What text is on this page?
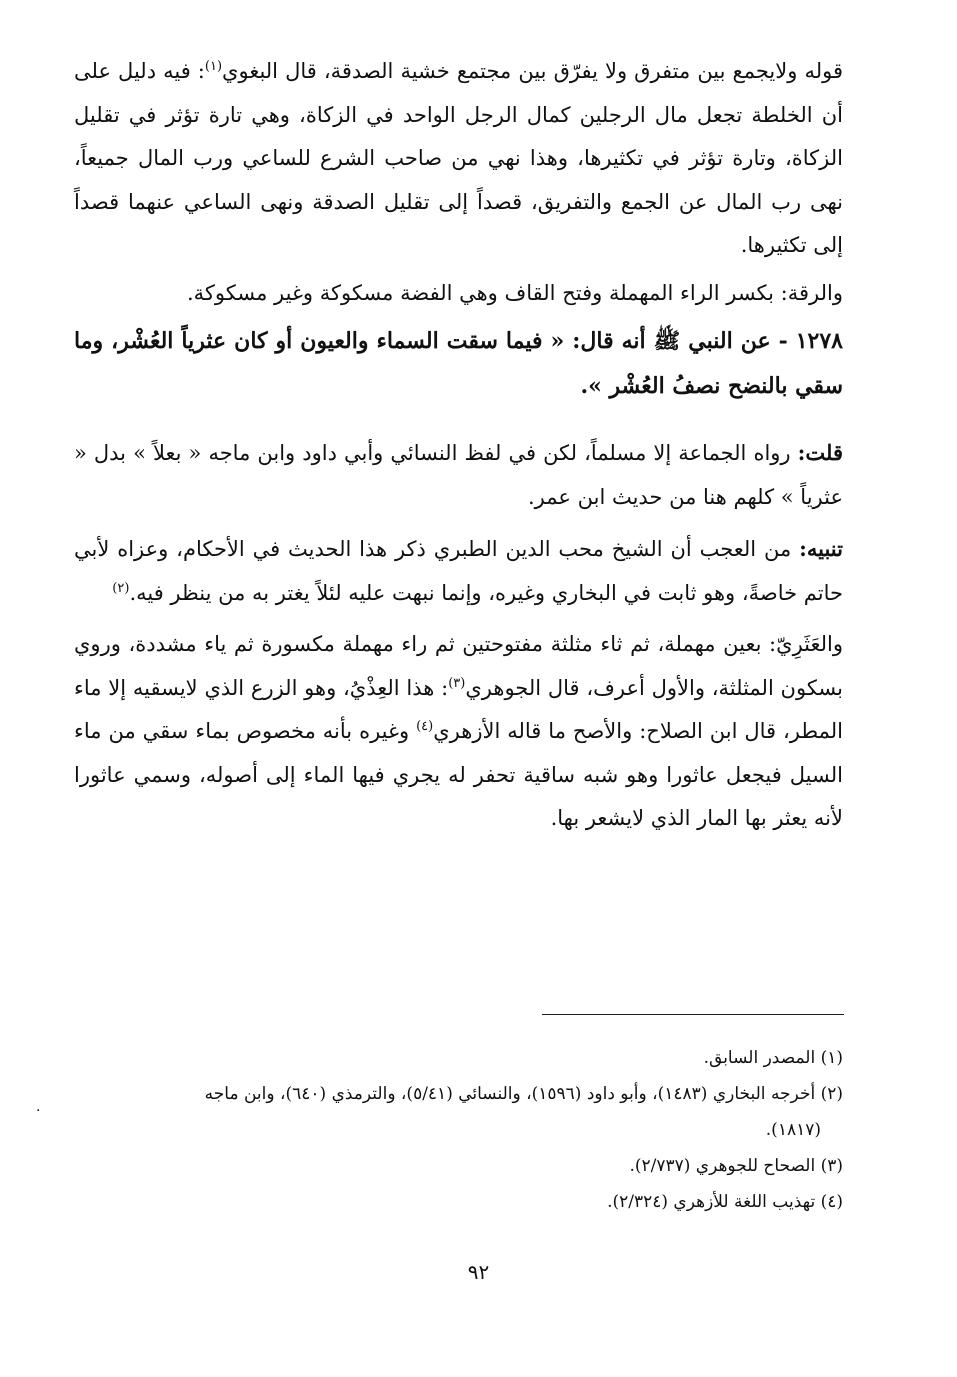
قوله ولايجمع بين متفرق ولا يفرّق بين مجتمع خشية الصدقة، قال البغوي$^{(١)}$: فيه دليل على أن الخلطة تجعل مال الرجلين كمال الرجل الواحد في الزكاة، وهي تارة تؤثر في تقليل الزكاة، وتارة تؤثر في تكثيرها، وهذا نهي من صاحب الشرع للساعي ورب المال جميعاً، نهى رب المال عن الجمع والتفريق، قصداً إلى تقليل الصدقة ونهى الساعي عنهما قصداً إلى تكثيرها.

والرقة: بكسر الراء المهملة وفتح القاف وهي الفضة مسكوكة وغير مسكوكة.

١٢٧٨ - عن النبي ﷺ أنه قال: « فيما سقت السماء والعيون أو كان عثرياً العُشْر، وما سقي بالنضح نصفُ العُشْر ».

قلت: رواه الجماعة إلا مسلماً، لكن في لفظ النسائي وأبي داود وابن ماجه « بعلاً » بدل « عثرياً » كلهم هنا من حديث ابن عمر.

تنبيه: من العجب أن الشيخ محب الدين الطبري ذكر هذا الحديث في الأحكام، وعزاه لأبي حاتم خاصةً، وهو ثابت في البخاري وغيره، وإنما نبهت عليه لئلاً يغتر به من ينظر فيه.$^{(٢)}$

والعَثَرِيّ: بعين مهملة، ثم ثاء مثلثة مفتوحتين ثم راء مهملة مكسورة ثم ياء مشددة، وروي بسكون المثلثة، والأول أعرف، قال الجوهري$^{(٣)}$: هذا العِذْيُ، وهو الزرع الذي لايسقيه إلا ماء المطر، قال ابن الصلاح: والأصح ما قاله الأزهري$^{(٤)}$ وغيره بأنه مخصوص بماء سقي من ماء السيل فيجعل عاثورا وهو شبه ساقية تحفر له يجري فيها الماء إلى أصوله، وسمي عاثورا لأنه يعثر بها المار الذي لايشعر بها.

(١) المصدر السابق.

(٢) أخرجه البخاري (١٤٨٣)، وأبو داود (١٥٩٦)، والنسائي (٥/٤١)، والترمذي (٦٤٠)، وابن ماجه

(١٨١٧).

(٣) الصحاح للجوهري (٢/٧٣٧).

(٤) تهذيب اللغة للأزهري (٢/٣٢٤).

.
٩٢
